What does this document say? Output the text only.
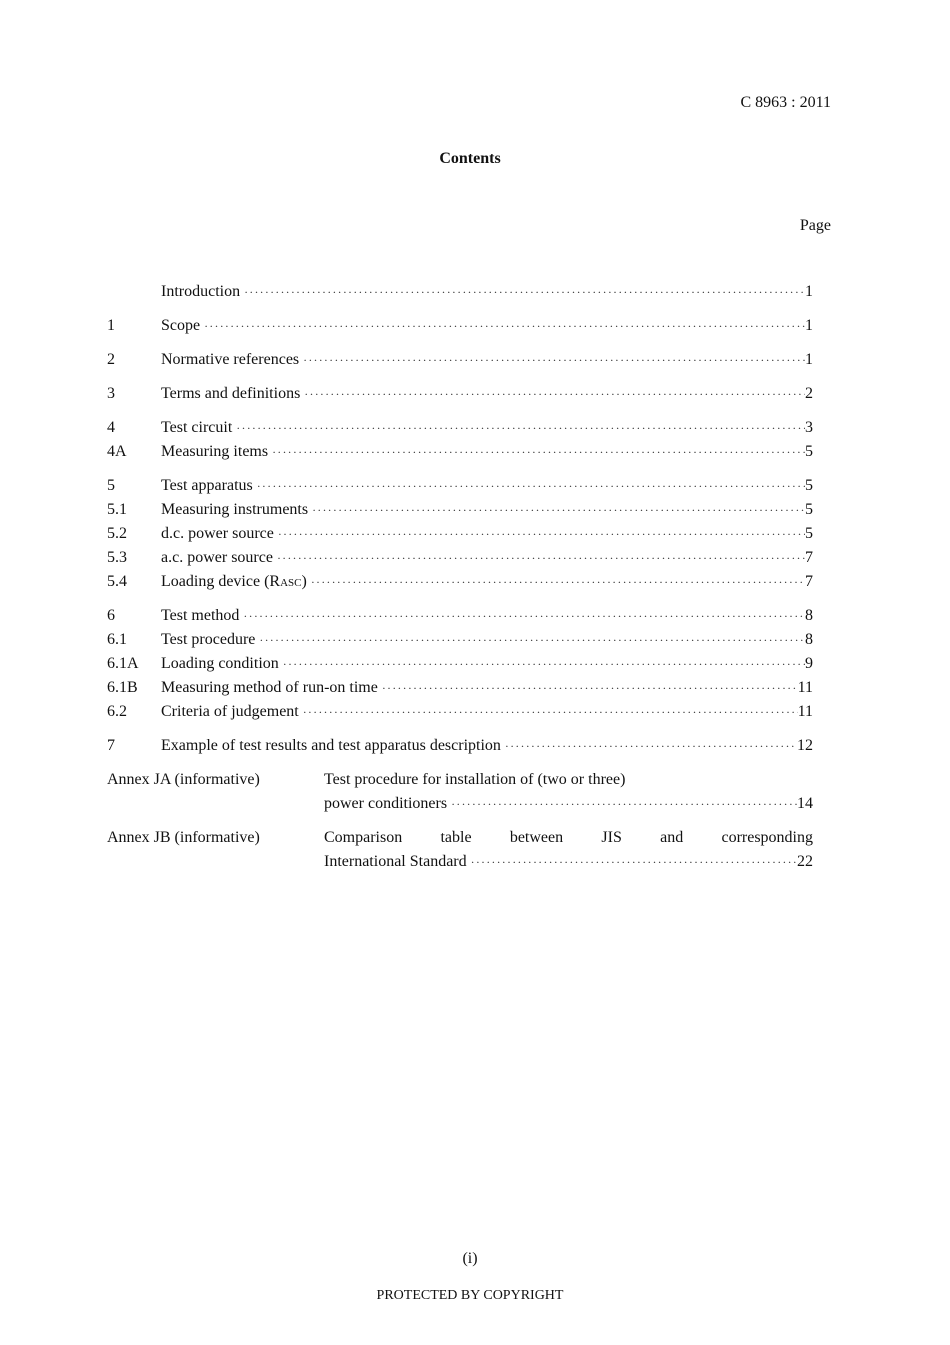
C 8963 : 2011
Contents
Page
Introduction ·····	1
1	Scope ·····	1
2	Normative references ·····	1
3	Terms and definitions ·····	2
4	Test circuit ·····	3
4A	Measuring items ·····	5
5	Test apparatus ·····	5
5.1	Measuring instruments ·····	5
5.2	d.c. power source ·····	5
5.3	a.c. power source ·····	7
5.4	Loading device (RASC) ·····	7
6	Test method ·····	8
6.1	Test procedure ·····	8
6.1A	Loading condition ·····	9
6.1B	Measuring method of run-on time ·····	11
6.2	Criteria of judgement ·····	11
7	Example of test results and test apparatus description ·····	12
Annex JA (informative)	Test procedure for installation of (two or three)
power conditioners ·····	14
Annex JB (informative)	Comparison table between JIS and corresponding
International Standard ·····	22
(i)
PROTECTED BY COPYRIGHT
